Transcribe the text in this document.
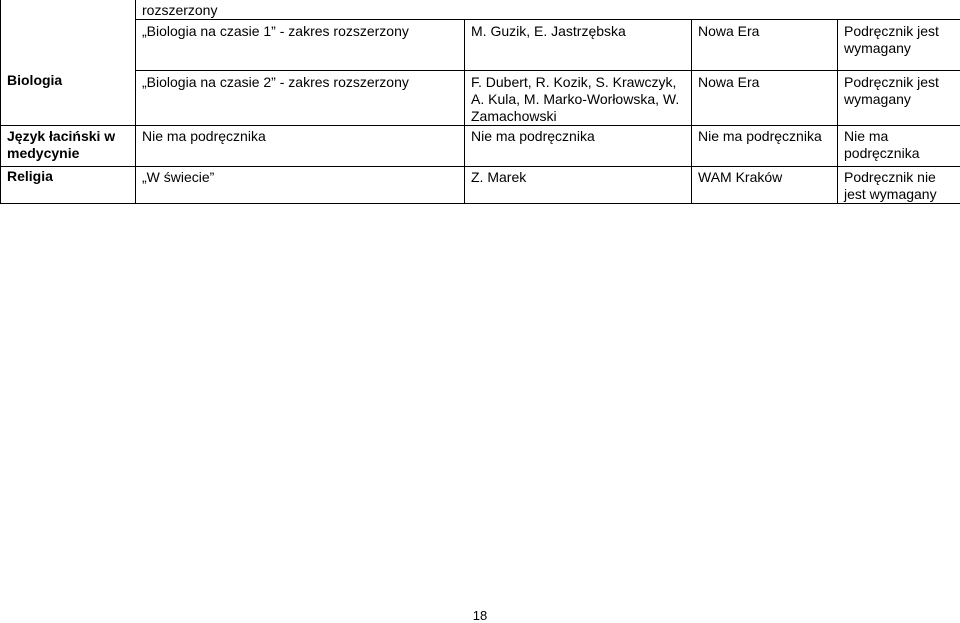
	rozszerzony			
	„Biologia na czasie 1” - zakres rozszerzony	M. Guzik, E. Jastrzębska	Nowa Era	Podręcznik jest wymagany
Biologia	„Biologia na czasie 2” - zakres rozszerzony	F. Dubert, R. Kozik, S. Krawczyk, A. Kula, M. Marko-Worłowska, W. Zamachowski	Nowa Era	Podręcznik jest wymagany
Język łaciński w medycynie	Nie ma podręcznika	Nie ma podręcznika	Nie ma podręcznika	Nie ma podręcznika
Religia	„W świecie”	Z. Marek	WAM Kraków	Podręcznik nie jest wymagany
18
